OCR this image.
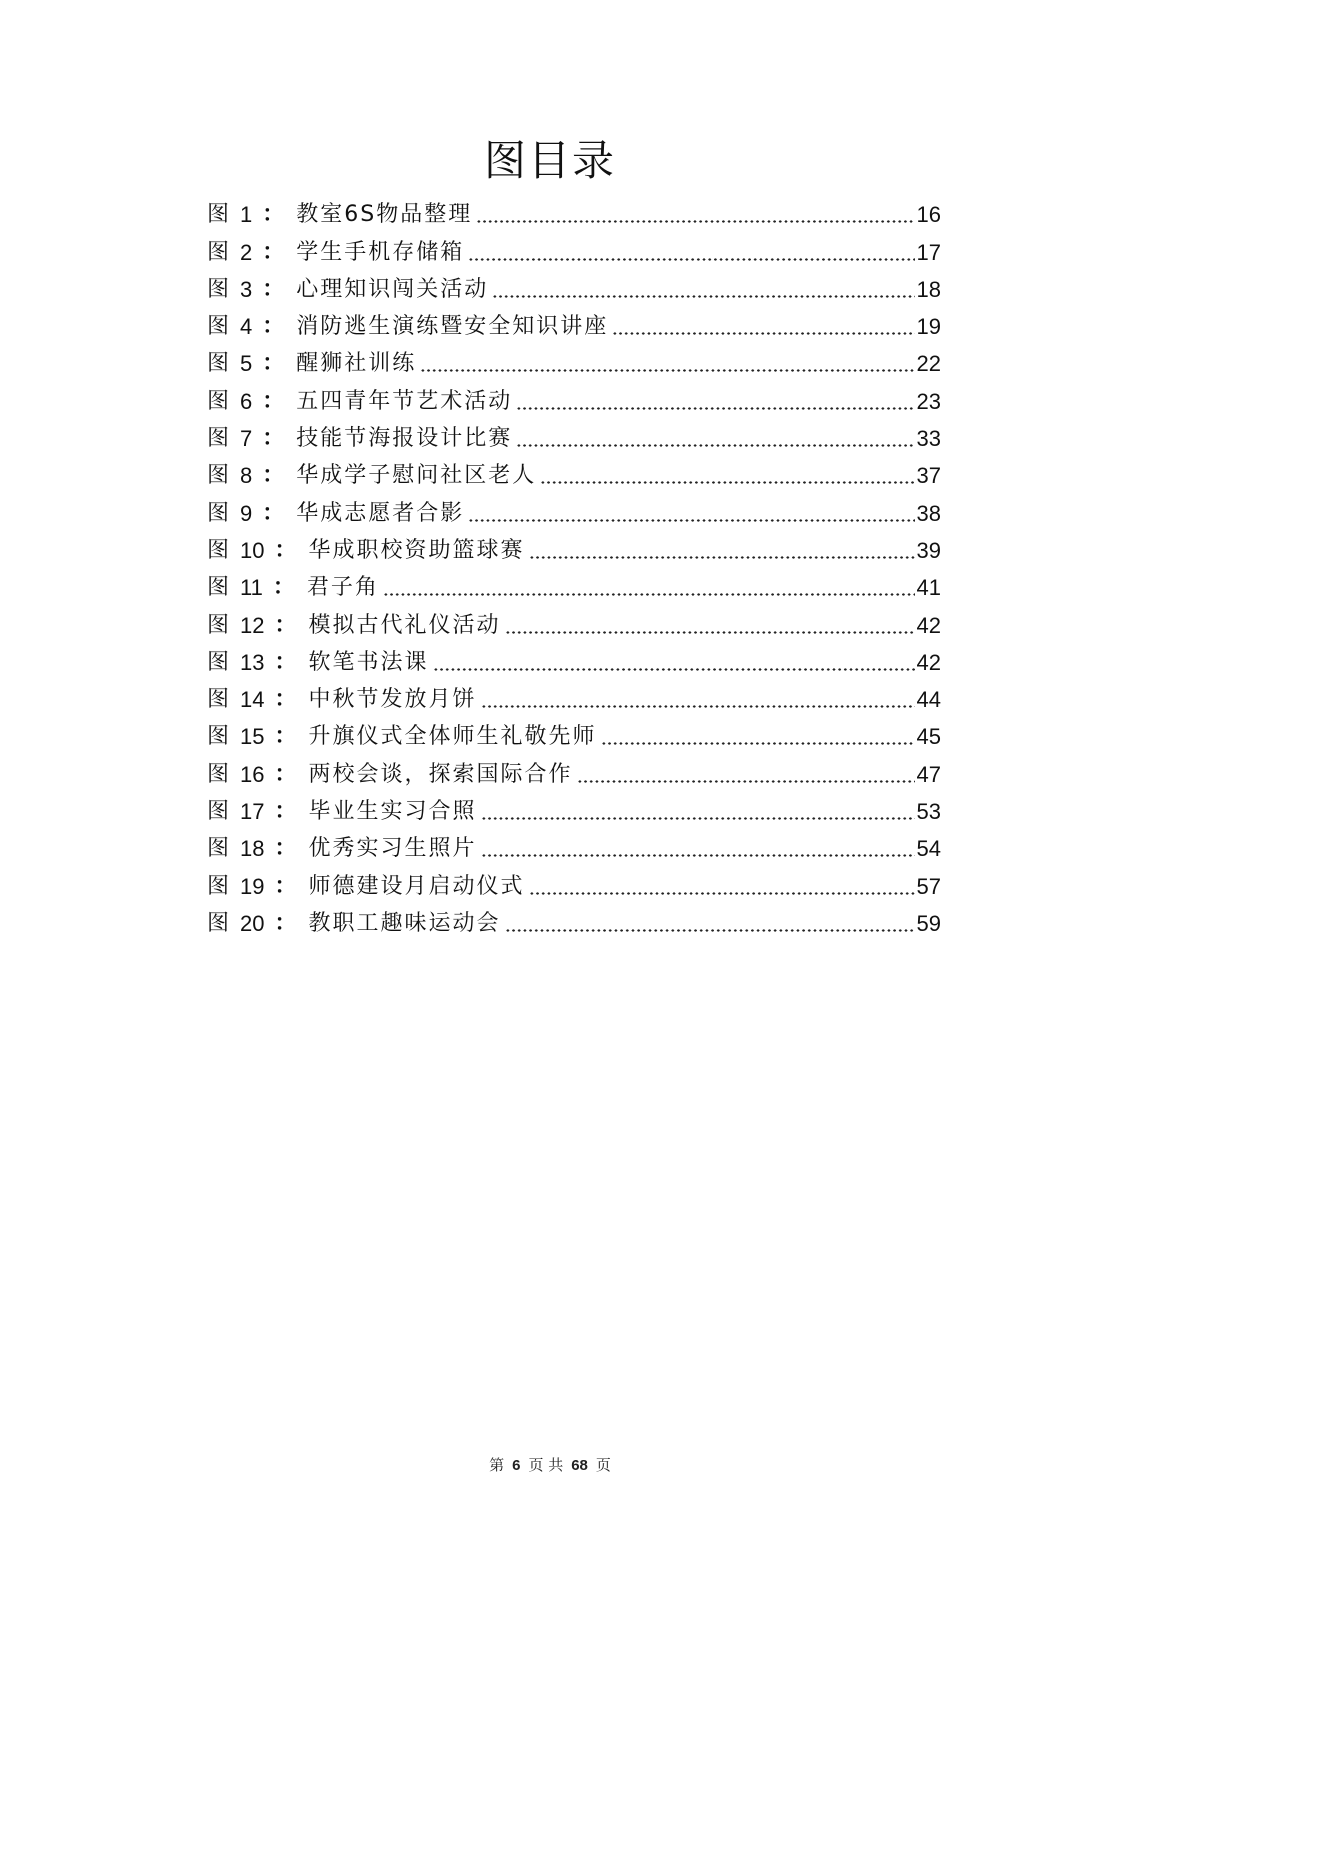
图目录
图 1 ： 教室6S物品整理	16
图 2 ： 学生手机存储箱	17
图 3 ： 心理知识闯关活动	18
图 4 ： 消防逃生演练暨安全知识讲座	19
图 5 ： 醒狮社训练	22
图 6 ： 五四青年节艺术活动	23
图 7 ： 技能节海报设计比赛	33
图 8 ： 华成学子慰问社区老人	37
图 9 ： 华成志愿者合影	38
图 10 ： 华成职校资助篮球赛	39
图 11 ： 君子角	41
图 12 ： 模拟古代礼仪活动	42
图 13 ： 软笔书法课	42
图 14 ： 中秋节发放月饼	44
图 15 ： 升旗仪式全体师生礼敬先师	45
图 16 ： 两校会谈，探索国际合作	47
图 17 ： 毕业生实习合照	53
图 18 ： 优秀实习生照片	54
图 19 ： 师德建设月启动仪式	57
图 20 ： 教职工趣味运动会	59
第 6 页 共 68 页
